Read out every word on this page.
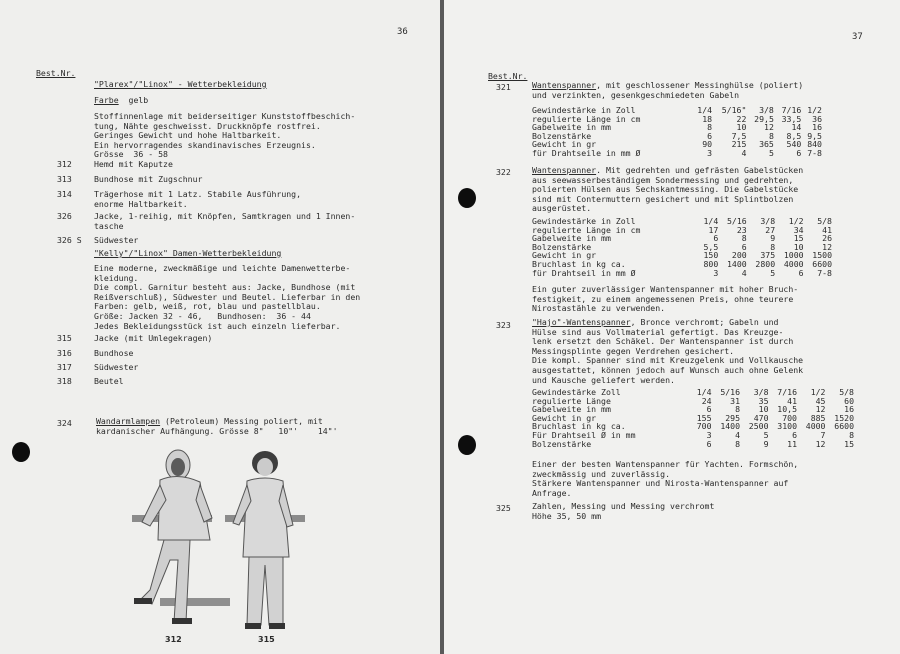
36
Best.Nr.
"Plarex"/"Linox" - Wetterbekleidung
Farbe gelb
Stoffinnenlage mit beiderseitiger Kunststoffbeschich-
tung, Nähte geschweisst. Druckknöpfe rostfrei.
Geringes Gewicht und hohe Haltbarkeit.
Ein hervorragendes skandinavisches Erzeugnis.
Grösse  36 - 58
312	Hemd mit Kaputze
313	Bundhose mit Zugschnur
314	Trägerhose mit 1 Latz. Stabile Ausführung,
enorme Haltbarkeit.
326	Jacke, 1-reihig, mit Knöpfen, Samtkragen und 1 Innen-
tasche
326 S Südwester
"Kelly"/"Linox" Damen-Wetterbekleidung
Eine moderne, zweckmäßige und leichte Damenwetterbe-
kleidung.
Die compl. Garnitur besteht aus: Jacke, Bundhose (mit
Reißverschluß), Südwester und Beutel. Lieferbar in den
Farben: gelb, weiß, rot, blau und pastellblau.
Größe: Jacken 32 - 46,   Bundhosen:  36 - 44
Jedes Bekleidungsstück ist auch einzeln lieferbar.
315	Jacke (mit Umlegekragen)
316	Bundhose
317	Südwester
318	Beutel
324	Wandarmlampen (Petroleum) Messing poliert, mit
kardanischer Aufhängung. Grösse 8"   10"'    14"'
312	315
37
Best.Nr.
321	Wantenspanner, mit geschlossener Messinghülse (poliert)
und verzinkten, gesenkgeschmiedeten Gabeln
Gewindestärke in Zoll	1/4	5/16"	3/8	7/16	1/2
regulierte Länge in cm	18	22	29,5	33,5	36
Gabelweite in mm	8	10	12	14	16
Bolzenstärke	6	7,5	8	8,5	9,5
Gewicht in gr	90	215	365	540	840
für Drahtseile in mm Ø	3	4	5	6	7-8
322	Wantenspanner. Mit gedrehten und gefrästen Gabelstücken
aus seewasserbeständigem Sondermessing und gedrehten,
polierten Hülsen aus Sechskantmessing. Die Gabelstücke
sind mit Contermuttern gesichert und mit Splintbolzen
ausgerüstet.
Gewindestärke in Zoll	1/4	5/16	3/8	1/2	5/8
regulierte Länge in cm	17	23	27	34	41
Gabelweite in mm	6	8	9	15	26
Bolzenstärke	5,5	6	8	10	12
Gewicht in gr	150	200	375	1000	1500
Bruchlast in kg ca.	800	1400	2800	4000	6600
für Drahtseil in mm Ø	3	4	5	6	7-8
Ein guter zuverlässiger Wantenspanner mit hoher Bruch-
festigkeit, zu einem angemessenen Preis, ohne teurere
Nirostastähle zu verwenden.
323	"Hajo"-Wantenspanner, Bronce verchromt; Gabeln und
Hülse sind aus Vollmaterial gefertigt. Das Kreuzge-
lenk ersetzt den Schäkel. Der Wantenspanner ist durch
Messingsplinte gegen Verdrehen gesichert.
Die kompl. Spanner sind mit Kreuzgelenk und Vollkausche
ausgestattet, können jedoch auf Wunsch auch ohne Gelenk
und Kausche geliefert werden.
Gewindestärke Zoll	1/4	5/16	3/8	7/16	1/2	5/8
regulierte Länge	24	31	35	41	45	60
Gabelweite in mm	6	8	10	10,5	12	16
Gewicht in gr	155	295	470	700	885	1520
Bruchlast in kg ca.	700	1400	2500	3100	4000	6600
Für Drahtseil Ø in mm	3	4	5	6	7	8
Bolzenstärke	6	8	9	11	12	15
Einer der besten Wantenspanner für Yachten. Formschön,
zweckmässig und zuverlässig.
Stärkere Wantenspanner und Nirosta-Wantenspanner auf
Anfrage.
325	Zahlen, Messing und Messing verchromt
Höhe 35, 50 mm
